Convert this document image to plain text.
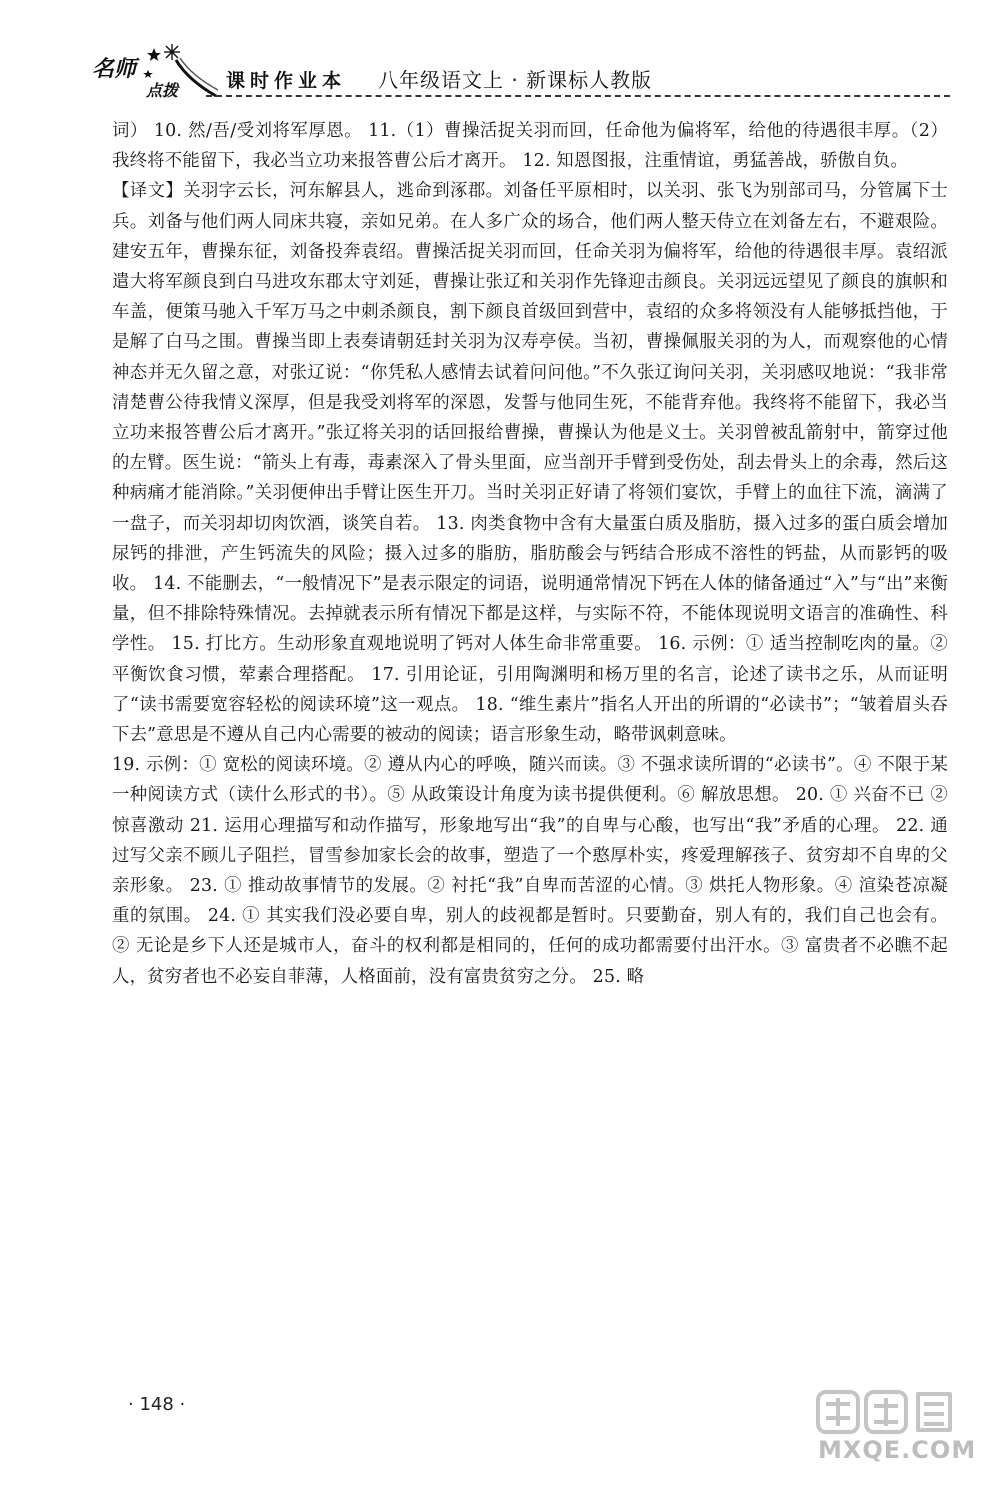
名师
点拨	课时作业本 八年级语文上 · 新课标人教版

词） 10. 然/吾/受刘将军厚恩。 11.（1）曹操活捉关羽而回，任命他为偏将军，给他的待遇很丰厚。（2）我终将不能留下，我必当立功来报答曹公后才离开。 12. 知恩图报，注重情谊，勇猛善战，骄傲自负。

【译文】关羽字云长，河东解县人，逃命到涿郡。刘备任平原相时，以关羽、张飞为别部司马，分管属下士兵。刘备与他们两人同床共寝，亲如兄弟。在人多广众的场合，他们两人整天侍立在刘备左右，不避艰险。建安五年，曹操东征，刘备投奔袁绍。曹操活捉关羽而回，任命关羽为偏将军，给他的待遇很丰厚。袁绍派遣大将军颜良到白马进攻东郡太守刘延，曹操让张辽和关羽作先锋迎击颜良。关羽远远望见了颜良的旗帜和车盖，便策马驰入千军万马之中刺杀颜良，割下颜良首级回到营中，袁绍的众多将领没有人能够抵挡他，于是解了白马之围。曹操当即上表奏请朝廷封关羽为汉寿亭侯。当初，曹操佩服关羽的为人，而观察他的心情神态并无久留之意，对张辽说：“你凭私人感情去试着问问他。”不久张辽询问关羽，关羽感叹地说：“我非常清楚曹公待我情义深厚，但是我受刘将军的深恩，发誓与他同生死，不能背弃他。我终将不能留下，我必当立功来报答曹公后才离开。”张辽将关羽的话回报给曹操，曹操认为他是义士。关羽曾被乱箭射中，箭穿过他的左臂。医生说：“箭头上有毒，毒素深入了骨头里面，应当剖开手臂到受伤处，刮去骨头上的余毒，然后这种病痛才能消除。”关羽便伸出手臂让医生开刀。当时关羽正好请了将领们宴饮，手臂上的血往下流，滴满了一盘子，而关羽却切肉饮酒，谈笑自若。 13. 肉类食物中含有大量蛋白质及脂肪，摄入过多的蛋白质会增加尿钙的排泄，产生钙流失的风险；摄入过多的脂肪，脂肪酸会与钙结合形成不溶性的钙盐，从而影钙的吸收。 14. 不能删去，“一般情况下”是表示限定的词语，说明通常情况下钙在人体的储备通过“入”与“出”来衡量，但不排除特殊情况。去掉就表示所有情况下都是这样，与实际不符，不能体现说明文语言的准确性、科学性。 15. 打比方。生动形象直观地说明了钙对人体生命非常重要。 16. 示例：① 适当控制吃肉的量。② 平衡饮食习惯，荤素合理搭配。 17. 引用论证，引用陶渊明和杨万里的名言，论述了读书之乐，从而证明了“读书需要宽容轻松的阅读环境”这一观点。 18. “维生素片”指名人开出的所谓的“必读书”；“皱着眉头吞下去”意思是不遵从自己内心需要的被动的阅读；语言形象生动，略带讽刺意味。

19. 示例：① 宽松的阅读环境。② 遵从内心的呼唤，随兴而读。③ 不强求读所谓的“必读书”。④ 不限于某一种阅读方式（读什么形式的书）。⑤ 从政策设计角度为读书提供便利。⑥ 解放思想。 20. ① 兴奋不已 ② 惊喜激动 21. 运用心理描写和动作描写，形象地写出“我”的自卑与心酸，也写出“我”矛盾的心理。 22. 通过写父亲不顾儿子阻拦，冒雪参加家长会的故事，塑造了一个憨厚朴实，疼爱理解孩子、贫穷却不自卑的父亲形象。 23. ① 推动故事情节的发展。② 衬托“我”自卑而苦涩的心情。③ 烘托人物形象。④ 渲染苍凉凝重的氛围。 24. ① 其实我们没必要自卑，别人的歧视都是暂时。只要勤奋，别人有的，我们自己也会有。② 无论是乡下人还是城市人，奋斗的权利都是相同的，任何的成功都需要付出汗水。③ 富贵者不必瞧不起人，贫穷者也不必妄自菲薄，人格面前，没有富贵贫穷之分。 25. 略

· 148 ·
MXQE.COM
